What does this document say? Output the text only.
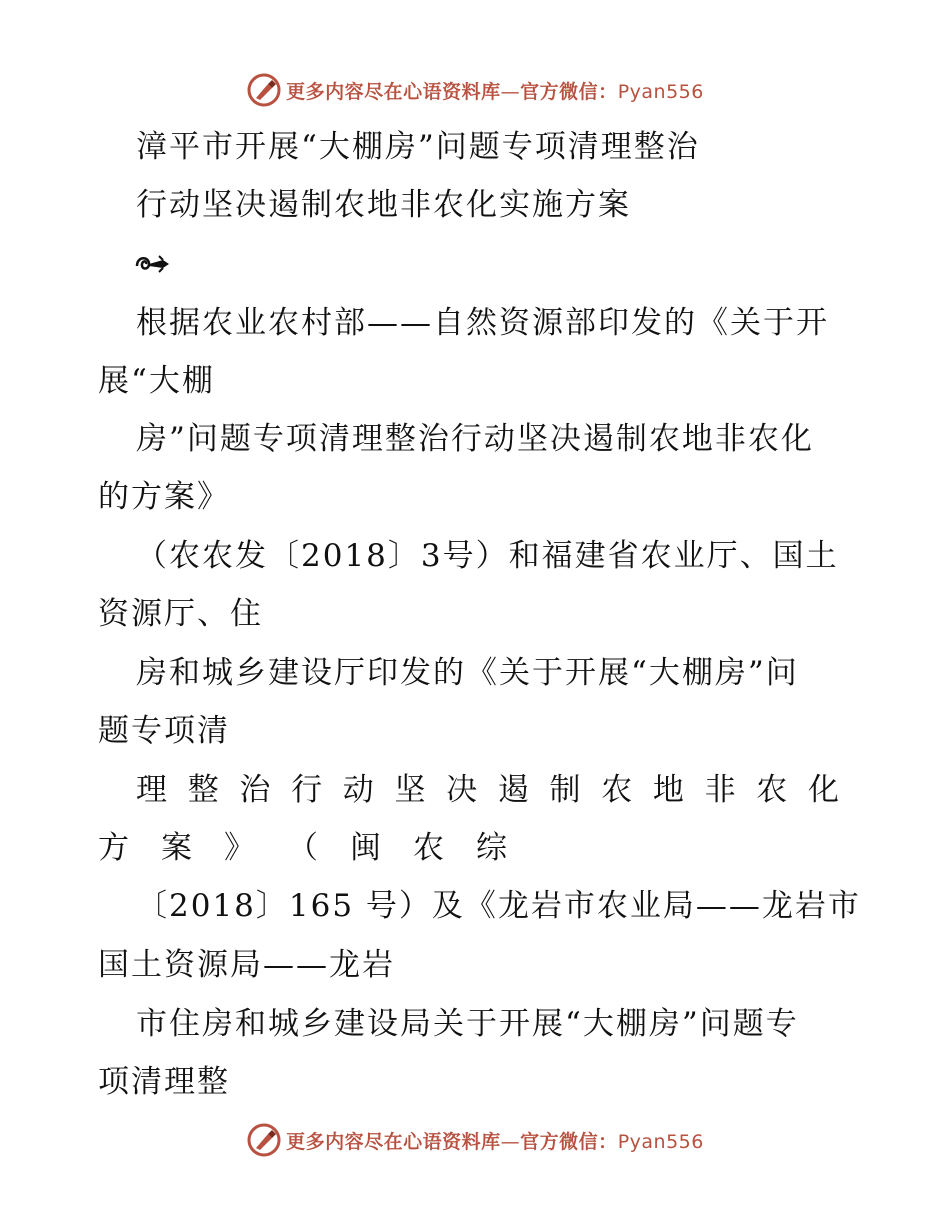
更多内容尽在心语资料库—官方微信：Pyan556
漳平市开展“大棚房”问题专项清理整治
行动坚决遏制农地非农化实施方案
根据农业农村部——自然资源部印发的《关于开
展“大棚
房”问题专项清理整治行动坚决遏制农地非农化
的方案》
（农农发〔2018〕3号）和福建省农业厅、国土
资源厅、住
房和城乡建设厅印发的《关于开展“大棚房”问
题专项清
理 整 治 行 动 坚 决 遏 制 农 地 非 农 化
方 案 》 （ 闽 农 综
〔2018〕165 号）及《龙岩市农业局——龙岩市
国土资源局——龙岩
市住房和城乡建设局关于开展“大棚房”问题专
项清理整
更多内容尽在心语资料库—官方微信：Pyan556
